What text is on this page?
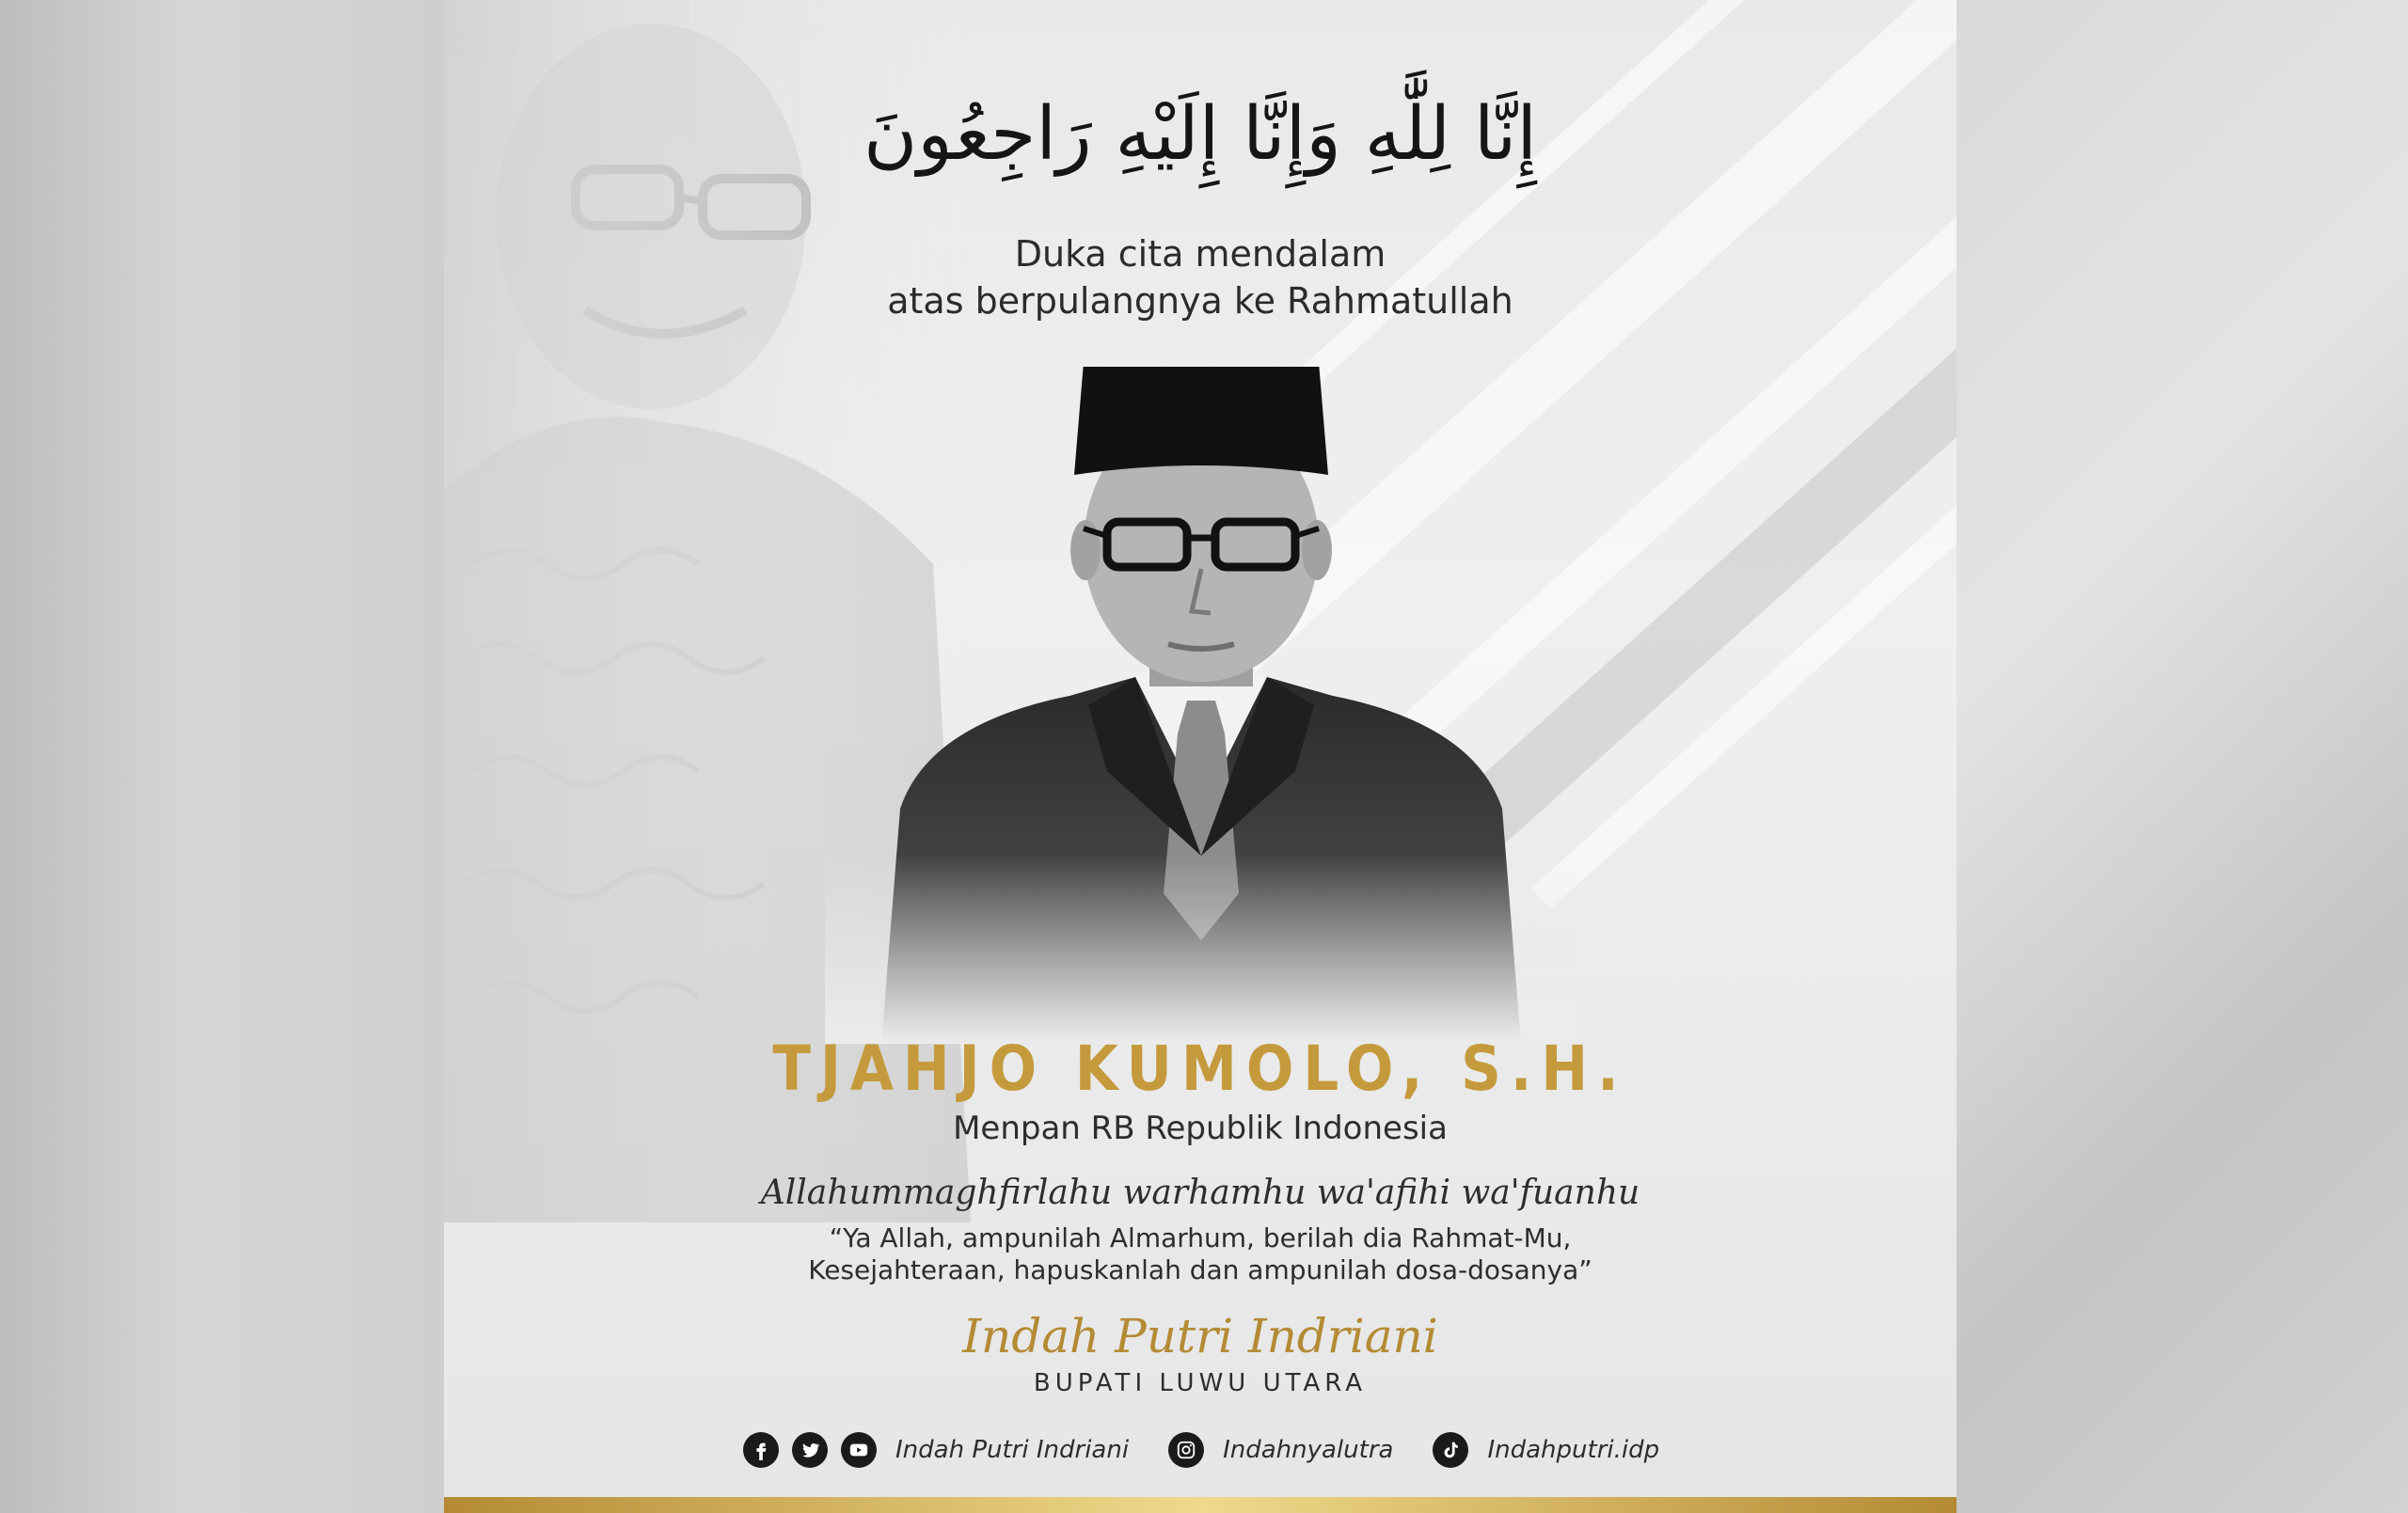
إِنَّا لِلَّٰهِ وَإِنَّا إِلَيْهِ رَاجِعُونَ
Duka cita mendalam
atas berpulangnya ke Rahmatullah
TJAHJO KUMOLO, S.H.
Menpan RB Republik Indonesia
Allahummaghfirlahu warhamhu wa'afihi wa'fuanhu
“Ya Allah, ampunilah Almarhum, berilah dia Rahmat-Mu,
Kesejahteraan, hapuskanlah dan ampunilah dosa-dosanya”
Indah Putri Indriani
BUPATI LUWU UTARA
Indah Putri Indriani	Indahnyalutra	Indahputri.idp
